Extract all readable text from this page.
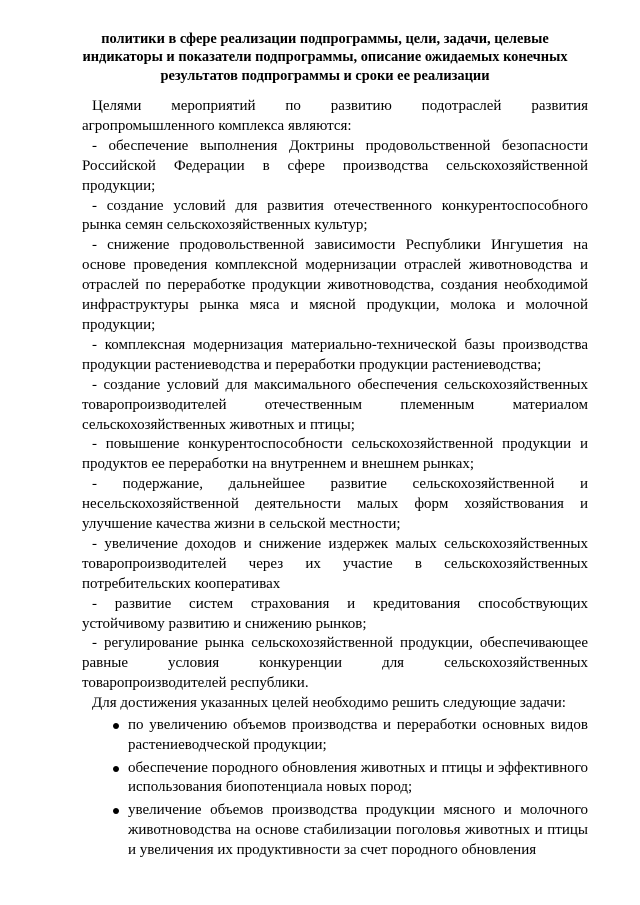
политики в сфере реализации подпрограммы, цели, задачи, целевые индикаторы и показатели подпрограммы, описание ожидаемых конечных результатов подпрограммы и сроки ее реализации

Целями мероприятий по развитию подотраслей развития агропромышленного комплекса являются:

- обеспечение выполнения Доктрины продовольственной безопасности Российской Федерации в сфере производства сельскохозяйственной продукции;

- создание условий для развития отечественного конкурентоспособного рынка семян сельскохозяйственных культур;

- снижение продовольственной зависимости Республики Ингушетия на основе проведения комплексной модернизации отраслей животноводства и отраслей по переработке продукции животноводства, создания необходимой инфраструктуры рынка мяса и мясной продукции, молока и молочной продукции;

- комплексная модернизация материально-технической базы производства продукции растениеводства и переработки продукции растениеводства;

- создание условий для максимального обеспечения сельскохозяйственных товаропроизводителей отечественным племенным материалом сельскохозяйственных животных и птицы;

- повышение конкурентоспособности сельскохозяйственной продукции и продуктов ее переработки на внутреннем и внешнем рынках;

- подержание, дальнейшее развитие сельскохозяйственной и несельскохозяйственной деятельности малых форм хозяйствования и улучшение качества жизни в сельской местности;

- увеличение доходов и снижение издержек малых сельскохозяйственных товаропроизводителей через их участие в сельскохозяйственных потребительских кооперативах

- развитие систем страхования и кредитования способствующих устойчивому развитию и снижению рынков;

- регулирование рынка сельскохозяйственной продукции, обеспечивающее равные условия конкуренции для сельскохозяйственных товаропроизводителей республики.

Для достижения указанных целей необходимо решить следующие задачи:

по увеличению объемов производства и переработки основных видов растениеводческой продукции;
обеспечение породного обновления животных и птицы и эффективного использования биопотенциала новых пород;
увеличение объемов производства продукции мясного и молочного животноводства на основе стабилизации поголовья животных и птицы и увеличения их продуктивности за счет породного обновления
